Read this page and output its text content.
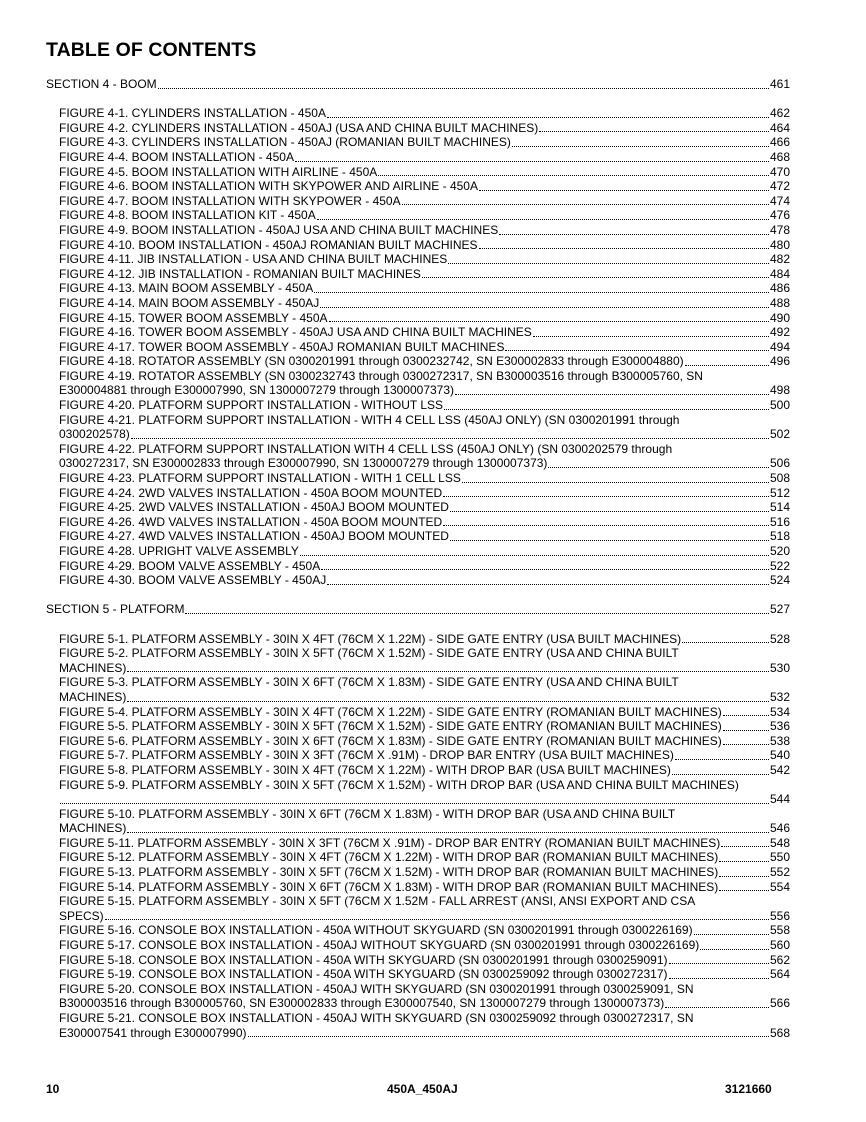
TABLE OF CONTENTS
SECTION 4 - BOOM	461
FIGURE 4-1. CYLINDERS INSTALLATION - 450A	462
FIGURE 4-2. CYLINDERS INSTALLATION - 450AJ (USA AND CHINA BUILT MACHINES)	464
FIGURE 4-3. CYLINDERS INSTALLATION - 450AJ (ROMANIAN BUILT MACHINES)	466
FIGURE 4-4. BOOM INSTALLATION - 450A	468
FIGURE 4-5. BOOM INSTALLATION WITH AIRLINE - 450A	470
FIGURE 4-6. BOOM INSTALLATION WITH SKYPOWER AND AIRLINE - 450A	472
FIGURE 4-7. BOOM INSTALLATION WITH SKYPOWER - 450A	474
FIGURE 4-8. BOOM INSTALLATION KIT - 450A	476
FIGURE 4-9. BOOM INSTALLATION - 450AJ USA AND CHINA BUILT MACHINES	478
FIGURE 4-10. BOOM INSTALLATION - 450AJ ROMANIAN BUILT MACHINES	480
FIGURE 4-11. JIB INSTALLATION - USA AND CHINA BUILT MACHINES	482
FIGURE 4-12. JIB INSTALLATION - ROMANIAN BUILT MACHINES	484
FIGURE 4-13. MAIN BOOM ASSEMBLY - 450A	486
FIGURE 4-14. MAIN BOOM ASSEMBLY - 450AJ	488
FIGURE 4-15. TOWER BOOM ASSEMBLY - 450A	490
FIGURE 4-16. TOWER BOOM ASSEMBLY - 450AJ USA AND CHINA BUILT MACHINES	492
FIGURE 4-17. TOWER BOOM ASSEMBLY - 450AJ ROMANIAN BUILT MACHINES	494
FIGURE 4-18. ROTATOR ASSEMBLY (SN 0300201991 through 0300232742, SN E300002833 through E300004880)	496
FIGURE 4-19. ROTATOR ASSEMBLY (SN 0300232743 through 0300272317, SN B300003516 through B300005760, SN
E300004881 through E300007990, SN 1300007279 through 1300007373)	498
FIGURE 4-20. PLATFORM SUPPORT INSTALLATION - WITHOUT LSS	500
FIGURE 4-21. PLATFORM SUPPORT INSTALLATION - WITH 4 CELL LSS (450AJ ONLY) (SN 0300201991 through
0300202578)	502
FIGURE 4-22. PLATFORM SUPPORT INSTALLATION WITH 4 CELL LSS (450AJ ONLY) (SN 0300202579 through
0300272317, SN E300002833 through E300007990, SN 1300007279 through 1300007373)	506
FIGURE 4-23. PLATFORM SUPPORT INSTALLATION - WITH 1 CELL LSS	508
FIGURE 4-24. 2WD VALVES INSTALLATION - 450A BOOM MOUNTED	512
FIGURE 4-25. 2WD VALVES INSTALLATION - 450AJ BOOM MOUNTED	514
FIGURE 4-26. 4WD VALVES INSTALLATION - 450A BOOM MOUNTED	516
FIGURE 4-27. 4WD VALVES INSTALLATION - 450AJ BOOM MOUNTED	518
FIGURE 4-28. UPRIGHT VALVE ASSEMBLY	520
FIGURE 4-29. BOOM VALVE ASSEMBLY - 450A	522
FIGURE 4-30. BOOM VALVE ASSEMBLY - 450AJ	524
SECTION 5 - PLATFORM	527
FIGURE 5-1. PLATFORM ASSEMBLY - 30IN X 4FT (76CM X 1.22M) - SIDE GATE ENTRY (USA BUILT MACHINES)	528
FIGURE 5-2. PLATFORM ASSEMBLY - 30IN X 5FT (76CM X 1.52M) - SIDE GATE ENTRY (USA AND CHINA BUILT
MACHINES)	530
FIGURE 5-3. PLATFORM ASSEMBLY - 30IN X 6FT (76CM X 1.83M) - SIDE GATE ENTRY (USA AND CHINA BUILT
MACHINES)	532
FIGURE 5-4. PLATFORM ASSEMBLY - 30IN X 4FT (76CM X 1.22M) - SIDE GATE ENTRY (ROMANIAN BUILT MACHINES)	534
FIGURE 5-5. PLATFORM ASSEMBLY - 30IN X 5FT (76CM X 1.52M) - SIDE GATE ENTRY (ROMANIAN BUILT MACHINES)	536
FIGURE 5-6. PLATFORM ASSEMBLY - 30IN X 6FT (76CM X 1.83M) - SIDE GATE ENTRY (ROMANIAN BUILT MACHINES)	538
FIGURE 5-7. PLATFORM ASSEMBLY - 30IN X 3FT (76CM X .91M) - DROP BAR ENTRY (USA BUILT MACHINES)	540
FIGURE 5-8. PLATFORM ASSEMBLY - 30IN X 4FT (76CM X 1.22M) - WITH DROP BAR (USA BUILT MACHINES)	542
FIGURE 5-9. PLATFORM ASSEMBLY - 30IN X 5FT (76CM X 1.52M) - WITH DROP BAR (USA AND CHINA BUILT MACHINES)
544
FIGURE 5-10. PLATFORM ASSEMBLY - 30IN X 6FT (76CM X 1.83M) - WITH DROP BAR (USA AND CHINA BUILT
MACHINES)	546
FIGURE 5-11. PLATFORM ASSEMBLY - 30IN X 3FT (76CM X .91M) - DROP BAR ENTRY (ROMANIAN BUILT MACHINES)	548
FIGURE 5-12. PLATFORM ASSEMBLY - 30IN X 4FT (76CM X 1.22M) - WITH DROP BAR (ROMANIAN BUILT MACHINES)	550
FIGURE 5-13. PLATFORM ASSEMBLY - 30IN X 5FT (76CM X 1.52M) - WITH DROP BAR (ROMANIAN BUILT MACHINES)	552
FIGURE 5-14. PLATFORM ASSEMBLY - 30IN X 6FT (76CM X 1.83M) - WITH DROP BAR (ROMANIAN BUILT MACHINES)	554
FIGURE 5-15. PLATFORM ASSEMBLY - 30IN X 5FT (76CM X 1.52M - FALL ARREST (ANSI, ANSI EXPORT AND CSA
SPECS)	556
FIGURE 5-16. CONSOLE BOX INSTALLATION - 450A WITHOUT SKYGUARD (SN 0300201991 through 0300226169)	558
FIGURE 5-17. CONSOLE BOX INSTALLATION - 450AJ WITHOUT SKYGUARD (SN 0300201991 through 0300226169)	560
FIGURE 5-18. CONSOLE BOX INSTALLATION - 450A WITH SKYGUARD (SN 0300201991 through 0300259091)	562
FIGURE 5-19. CONSOLE BOX INSTALLATION - 450A WITH SKYGUARD (SN 0300259092 through 0300272317)	564
FIGURE 5-20. CONSOLE BOX INSTALLATION - 450AJ WITH SKYGUARD (SN 0300201991 through 0300259091, SN
B300003516 through B300005760, SN E300002833 through E300007540, SN 1300007279 through 1300007373)	566
FIGURE 5-21. CONSOLE BOX INSTALLATION - 450AJ WITH SKYGUARD (SN 0300259092 through 0300272317, SN
E300007541 through E300007990)	568
10	450A_450AJ	3121660
